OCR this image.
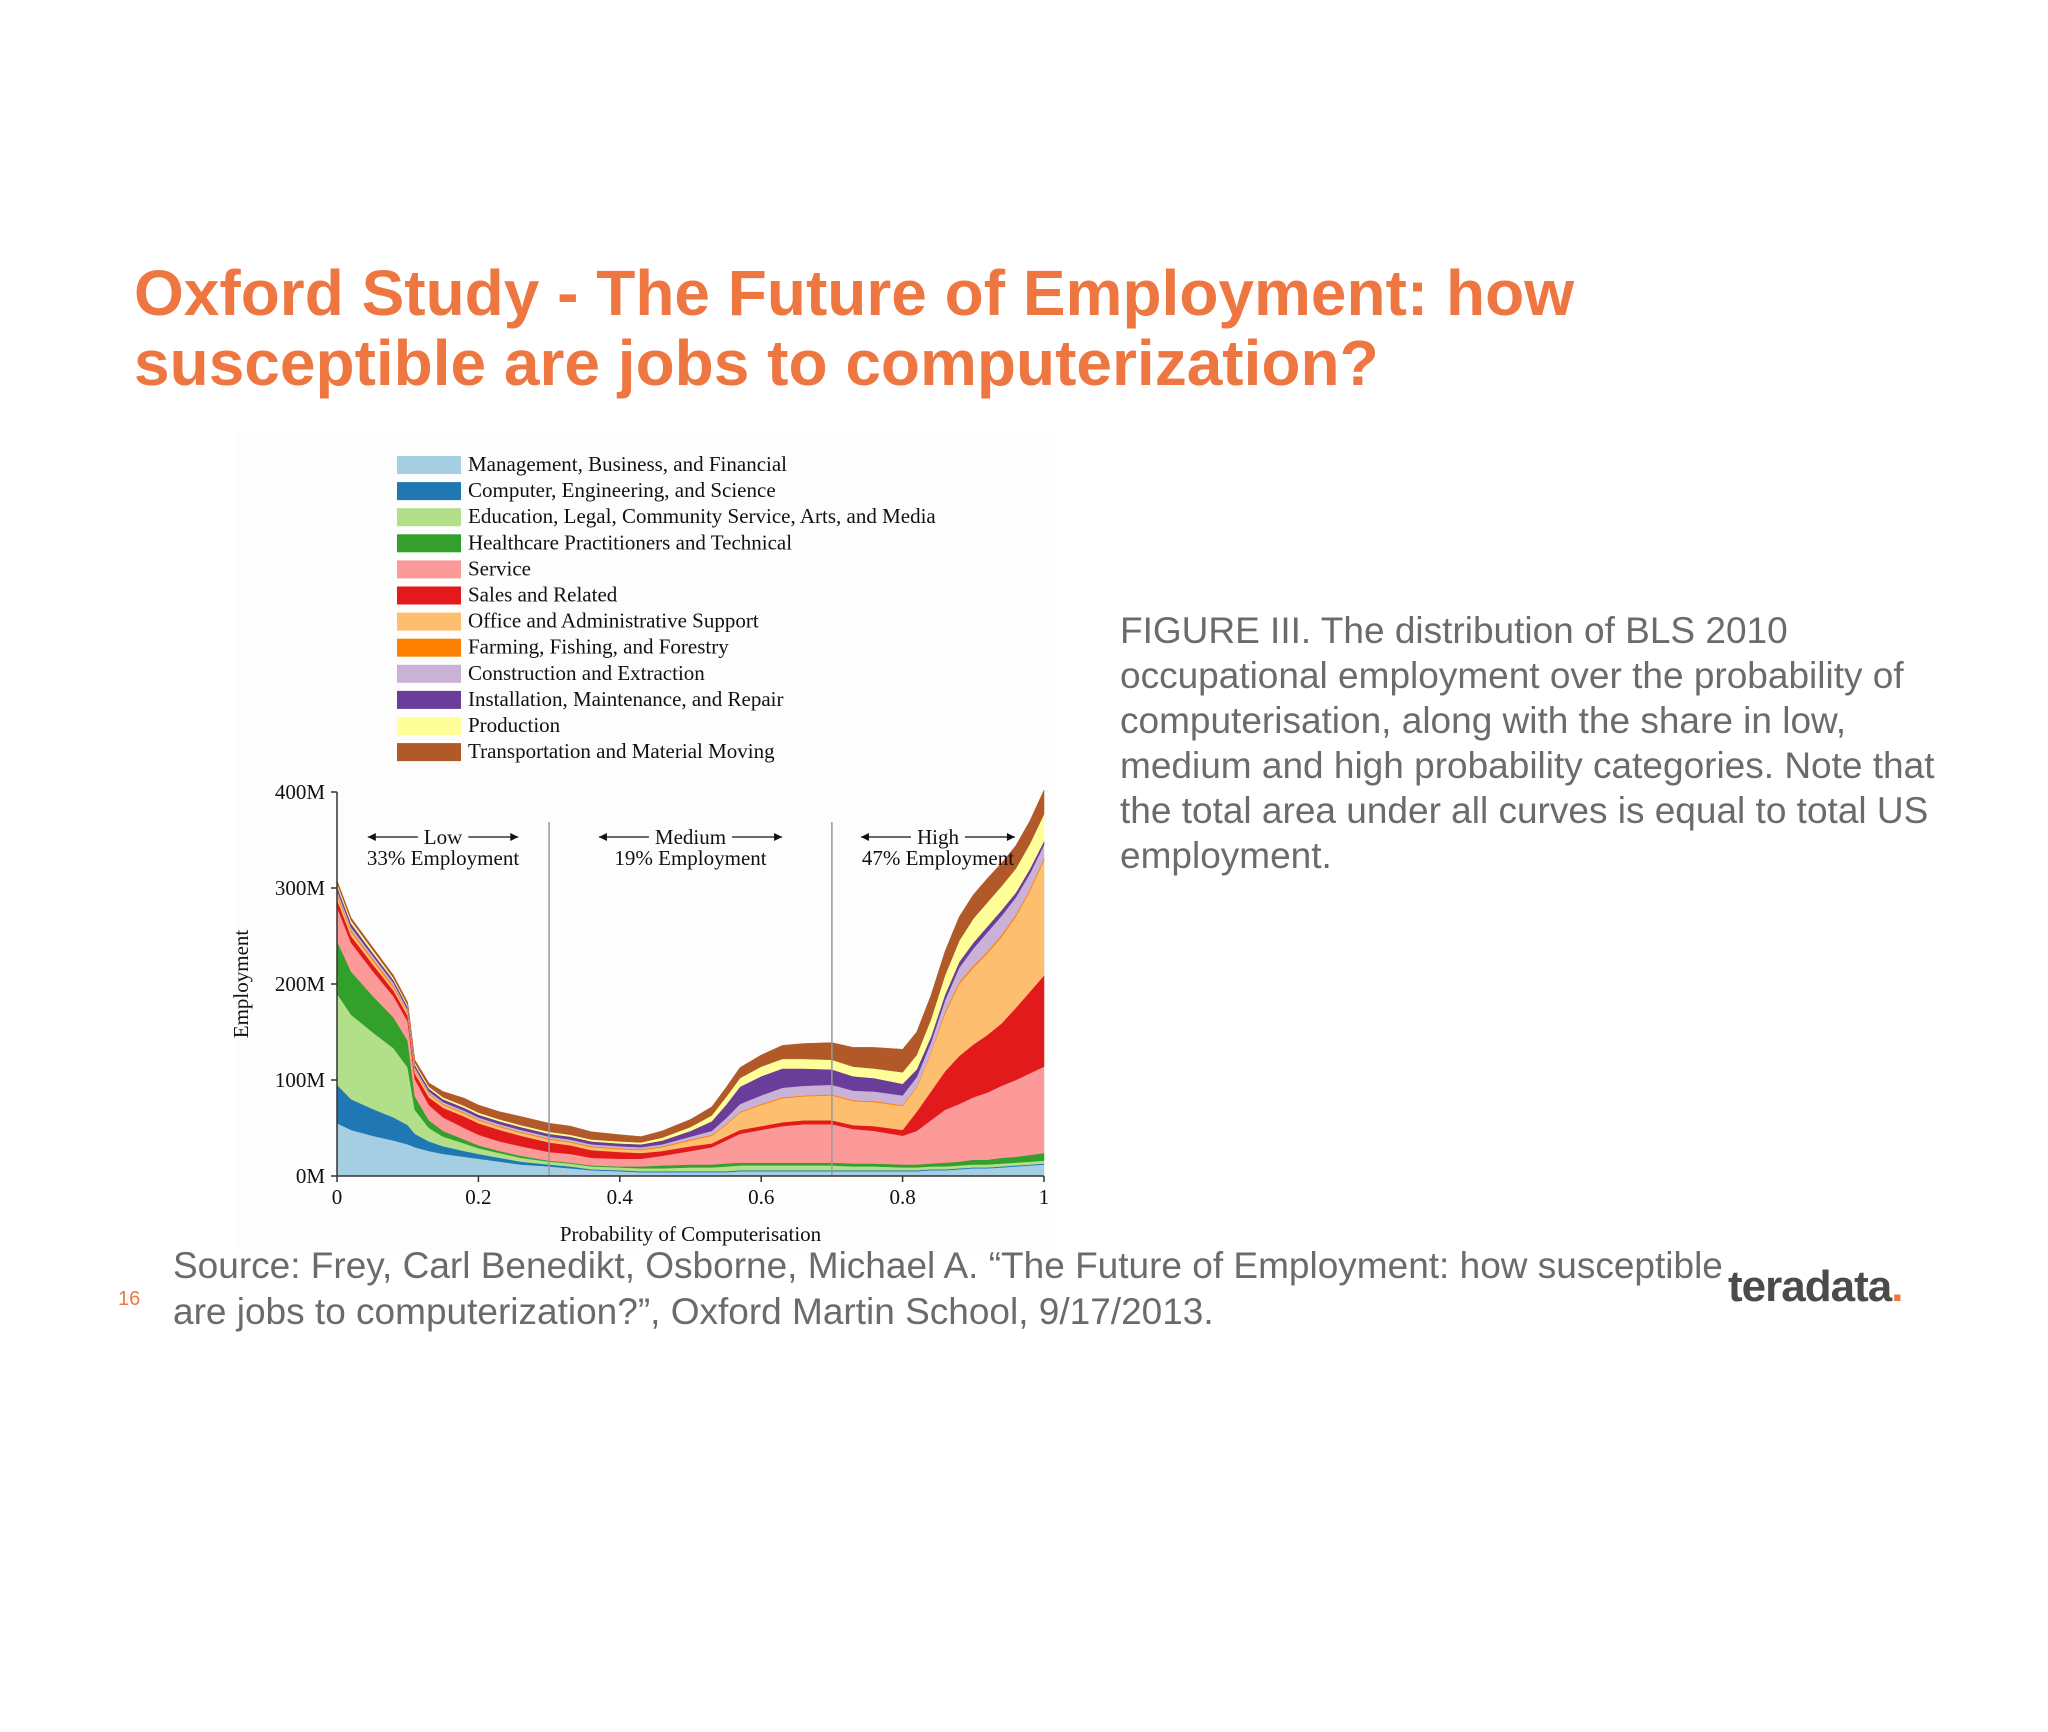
Oxford Study - The Future of Employment: how
susceptible are jobs to computerization?
Management, Business, and Financial
Computer, Engineering, and Science
Education, Legal, Community Service, Arts, and Media
Healthcare Practitioners and Technical
Service
Sales and Related
Office and Administrative Support
Farming, Fishing, and Forestry
Construction and Extraction
Installation, Maintenance, and Repair
Production
Transportation and Material Moving
Low
33% Employment
Medium
19% Employment
High
47% Employment
0	0.2	0.4	0.6	0.8	1
0M
100M
200M
300M
400M
Probability of Computerisation
Employment

FIGURE III. The distribution of BLS 2010 occupational employment over the probability of computerisation, along with the share in low, medium and high probability categories. Note that the total area under all curves is equal to total US employment.

Source: Frey, Carl Benedikt, Osborne, Michael A. “The Future of Employment: how susceptible
are jobs to computerization?”, Oxford Martin School, 9/17/2013.

16	teradata.
